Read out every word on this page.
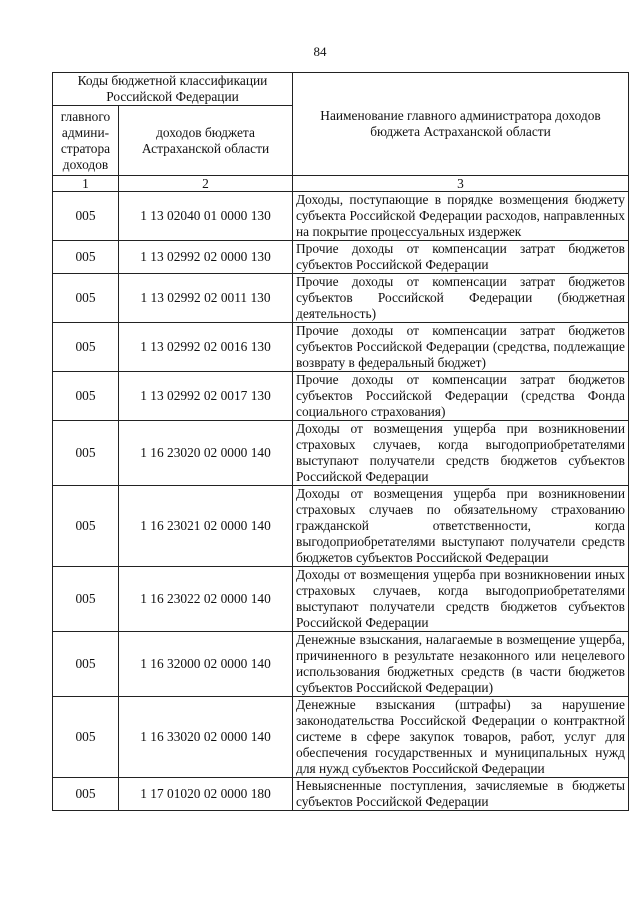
84
Коды бюджетной классификации Российской Федерации		Наименование главного администратора доходов бюджета Астраханской области
главного админи-стратора доходов	доходов бюджета Астраханской области	
1	2	3
005	1 13 02040 01 0000 130	Доходы, поступающие в порядке возмещения бюджету субъекта Российской Федерации расходов, направленных на покрытие процессуальных издержек
005	1 13 02992 02 0000 130	Прочие доходы от компенсации затрат бюджетов субъектов Российской Федерации
005	1 13 02992 02 0011 130	Прочие доходы от компенсации затрат бюджетов субъектов Российской Федерации (бюджетная деятельность)
005	1 13 02992 02 0016 130	Прочие доходы от компенсации затрат бюджетов субъектов Российской Федерации (средства, подлежащие возврату в федеральный бюджет)
005	1 13 02992 02 0017 130	Прочие доходы от компенсации затрат бюджетов субъектов Российской Федерации (средства Фонда социального страхования)
005	1 16 23020 02 0000 140	Доходы от возмещения ущерба при возникновении страховых случаев, когда выгодоприобретателями выступают получатели средств бюджетов субъектов Российской Федерации
005	1 16 23021 02 0000 140	Доходы от возмещения ущерба при возникновении страховых случаев по обязательному страхованию гражданской ответственности, когда выгодоприобретателями выступают получатели средств бюджетов субъектов Российской Федерации
005	1 16 23022 02 0000 140	Доходы от возмещения ущерба при возникновении иных страховых случаев, когда выгодоприобретателями выступают получатели средств бюджетов субъектов Российской Федерации
005	1 16 32000 02 0000 140	Денежные взыскания, налагаемые в возмещение ущерба, причиненного в результате незаконного или нецелевого использования бюджетных средств (в части бюджетов субъектов Российской Федерации)
005	1 16 33020 02 0000 140	Денежные взыскания (штрафы) за нарушение законодательства Российской Федерации о контрактной системе в сфере закупок товаров, работ, услуг для обеспечения государственных и муниципальных нужд для нужд субъектов Российской Федерации
005	1 17 01020 02 0000 180	Невыясненные поступления, зачисляемые в бюджеты субъектов Российской Федерации
